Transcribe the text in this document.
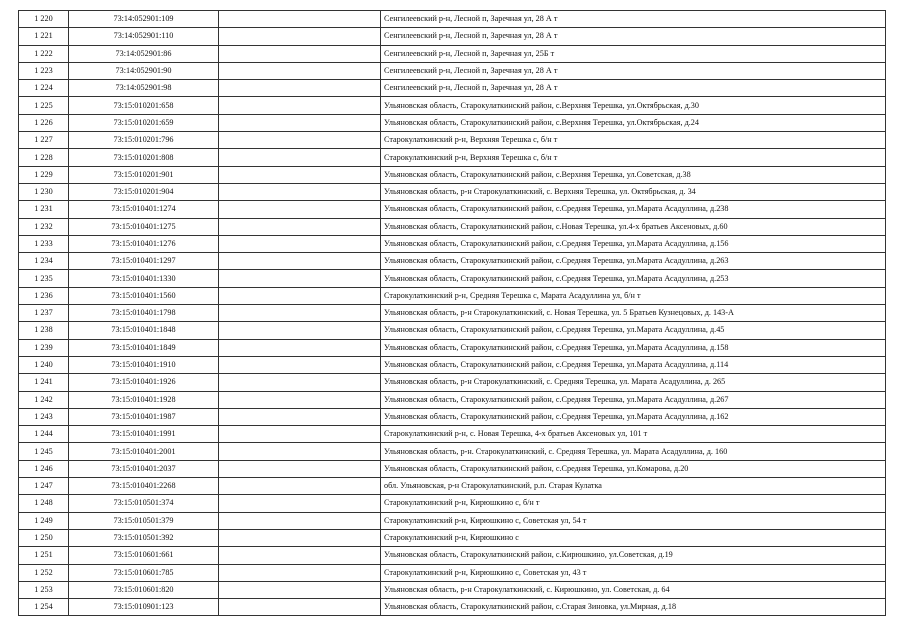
1 220	73:14:052901:109		Сенгилеевский р-н, Лесной п, Заречная ул, 28 А т
1 221	73:14:052901:110		Сенгилеевский р-н, Лесной п, Заречная ул, 28 А т
1 222	73:14:052901:86		Сенгилеевский р-н, Лесной п, Заречная ул, 25Б т
1 223	73:14:052901:90		Сенгилеевский р-н, Лесной п, Заречная ул, 28 А т
1 224	73:14:052901:98		Сенгилеевский р-н, Лесной п, Заречная ул, 28 А т
1 225	73:15:010201:658		Ульяновская область, Старокулаткинский район, с.Верхняя Терешка, ул.Октябрьская, д.30
1 226	73:15:010201:659		Ульяновская область, Старокулаткинский район, с.Верхняя Терешка, ул.Октябрьская, д.24
1 227	73:15:010201:796		Старокулаткинский р-н, Верхняя Терешка с, б/н т
1 228	73:15:010201:808		Старокулаткинский р-н, Верхняя Терешка с, б/н т
1 229	73:15:010201:901		Ульяновская область, Старокулаткинский район, с.Верхняя Терешка, ул.Советская, д.38
1 230	73:15:010201:904		Ульяновская область, р-н Старокулаткинский, с. Верхняя Терешка, ул. Октябрьская, д. 34
1 231	73:15:010401:1274		Ульяновская область, Старокулаткинский район, с.Средняя Терешка, ул.Марата Асадуллина, д.238
1 232	73:15:010401:1275		Ульяновская область, Старокулаткинский район, с.Новая Терешка, ул.4-х братьев Аксеновых, д.60
1 233	73:15:010401:1276		Ульяновская область, Старокулаткинский район, с.Средняя Терешка, ул.Марата Асадуллина, д.156
1 234	73:15:010401:1297		Ульяновская область, Старокулаткинский район, с.Средняя Терешка, ул.Марата Асадуллина, д.263
1 235	73:15:010401:1330		Ульяновская область, Старокулаткинский район, с.Средняя Терешка, ул.Марата Асадуллина, д.253
1 236	73:15:010401:1560		Старокулаткинский р-н, Средняя Терешка с, Марата Асадуллина ул, б/н т
1 237	73:15:010401:1798		Ульяновская область, р-н Старокулаткинский, с. Новая Терешка, ул. 5 Братьев Кузнецовых, д. 143-А
1 238	73:15:010401:1848		Ульяновская область, Старокулаткинский район, с.Средняя Терешка, ул.Марата Асадуллина, д.45
1 239	73:15:010401:1849		Ульяновская область, Старокулаткинский район, с.Средняя Терешка, ул.Марата Асадуллина, д.158
1 240	73:15:010401:1910		Ульяновская область, Старокулаткинский район, с.Средняя Терешка, ул.Марата Асадуллина, д.114
1 241	73:15:010401:1926		Ульяновская область, р-н Старокулаткинский, с. Средняя Терешка, ул. Марата Асадуллина, д. 265
1 242	73:15:010401:1928		Ульяновская область, Старокулаткинский район, с.Средняя Терешка, ул.Марата Асадуллина, д.267
1 243	73:15:010401:1987		Ульяновская область, Старокулаткинский район, с.Средняя Терешка, ул.Марата Асадуллина, д.162
1 244	73:15:010401:1991		Старокулаткинский р-н, с. Новая Терешка, 4-х братьев Аксеновых ул, 101 т
1 245	73:15:010401:2001		Ульяновская область, р-н. Старокулаткинский, с. Средняя Терешка, ул. Марата Асадуллина, д. 160
1 246	73:15:010401:2037		Ульяновская область, Старокулаткинский район, с.Средняя Терешка, ул.Комарова, д.20
1 247	73:15:010401:2268		обл. Ульяновская, р-н Старокулаткинский, р.п. Старая Кулатка
1 248	73:15:010501:374		Старокулаткинский р-н, Кирюшкино с, б/н т
1 249	73:15:010501:379		Старокулаткинский р-н, Кирюшкино с, Советская ул, 54 т
1 250	73:15:010501:392		Старокулаткинский р-н, Кирюшкино с
1 251	73:15:010601:661		Ульяновская область, Старокулаткинский район, с.Кирюшкино, ул.Советская, д.19
1 252	73:15:010601:785		Старокулаткинский р-н, Кирюшкино с, Советская ул, 43 т
1 253	73:15:010601:820		Ульяновская область, р-н Старокулаткинский, с. Кирюшкино, ул. Советская, д. 64
1 254	73:15:010901:123		Ульяновская область, Старокулаткинский район, с.Старая Зиновка, ул.Мирная, д.18
